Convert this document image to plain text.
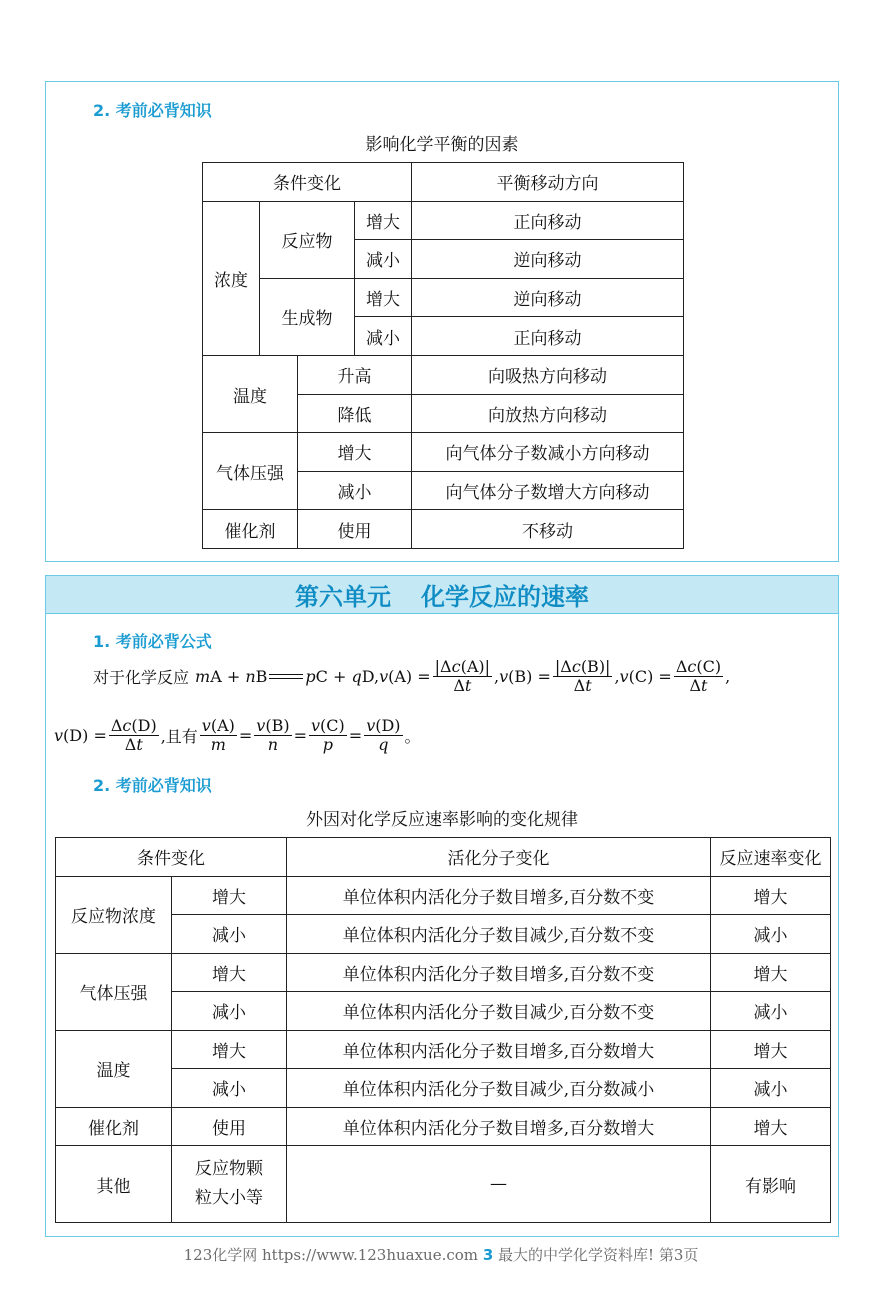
2. 考前必背知识
影响化学平衡的因素
条件变化				平衡移动方向
浓度	反应物		增大	正向移动
			减小	逆向移动
	生成物		增大	逆向移动
			减小	正向移动
温度		升高		向吸热方向移动
		降低		向放热方向移动
气体压强		增大		向气体分子数减小方向移动
		减小		向气体分子数增大方向移动
催化剂		使用		不移动
第六单元 化学反应的速率
1. 考前必背公式
对于化学反应 mA + nB pC + $qD,v(A) = \frac{|\Delta c(A)|}{\Delta t} ,v(B) = \frac{|\Delta c(B)|}{\Delta t} ,v(C) = \frac{\Delta c(C)}{\Delta t}$ ,
$v(D) = \frac{\Delta c(D)}{\Delta t}$ ,且有 $\frac{v(A)}{m} = \frac{v(B)}{n} = \frac{v(C)}{p} = \frac{v(D)}{q}$ 。
2. 考前必背知识
外因对化学反应速率影响的变化规律
条件变化		活化分子变化	反应速率变化
反应物浓度	增大	单位体积内活化分子数目增多,百分数不变	增大
	减小	单位体积内活化分子数目减少,百分数不变	减小
气体压强	增大	单位体积内活化分子数目增多,百分数不变	增大
	减小	单位体积内活化分子数目减少,百分数不变	减小
温度	增大	单位体积内活化分子数目增多,百分数增大	增大
	减小	单位体积内活化分子数目减少,百分数减小	减小
催化剂	使用	单位体积内活化分子数目增多,百分数增大	增大
其他	反应物颗粒大小等	—	有影响
123化学网 https://www.123huaxue.com 3 最大的中学化学资料库! 第3页
